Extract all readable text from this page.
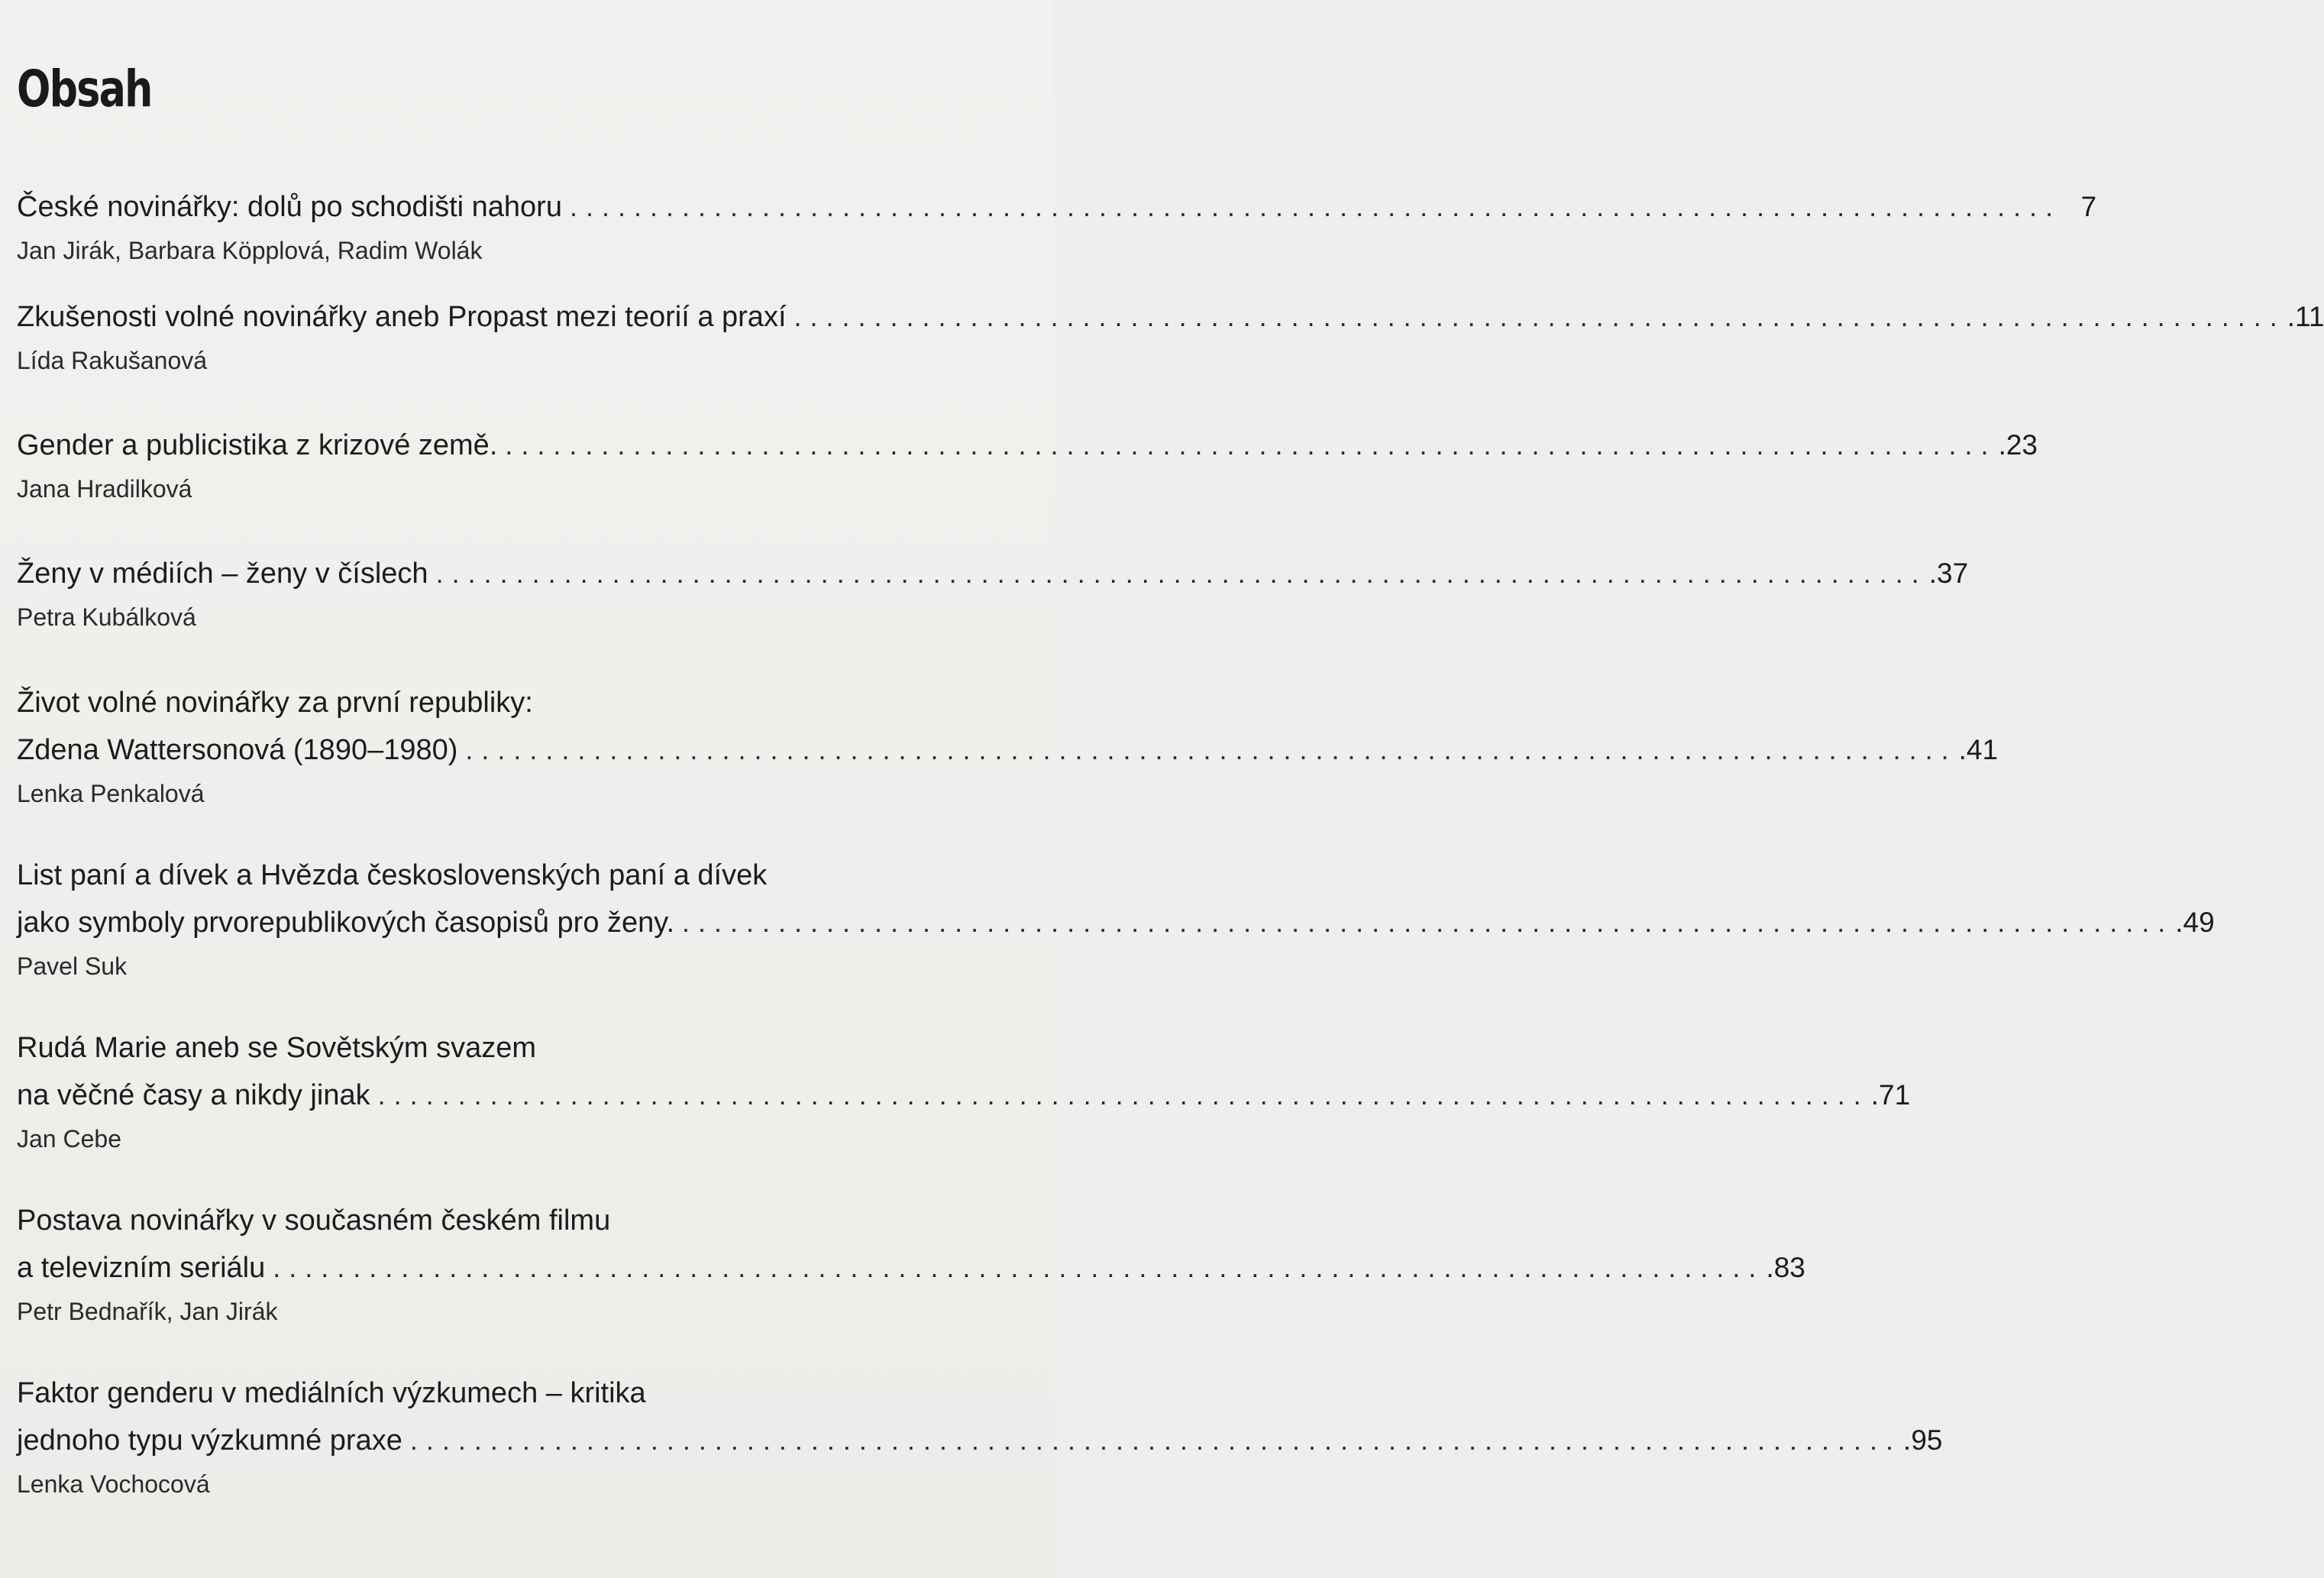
Obsah
České novinářky: dolů po schodišti nahoru ............................................................................................. 7
Jan Jirák, Barbara Köpplová, Radim Wolák
Zkušenosti volné novinářky aneb Propast mezi teorií a praxí ............................................................................................. .11
Lída Rakušanová
Gender a publicistika z krizové země. ............................................................................................. .23
Jana Hradilková
Ženy v médiích – ženy v číslech ............................................................................................. .37
Petra Kubálková
Život volné novinářky za první republiky:
Zdena Wattersonová (1890–1980) ............................................................................................. .41
Lenka Penkalová
List paní a dívek a Hvězda československých paní a dívek
jako symboly prvorepublikových časopisů pro ženy. ............................................................................................. .49
Pavel Suk
Rudá Marie aneb se Sovětským svazem
na věčné časy a nikdy jinak ............................................................................................. .71
Jan Cebe
Postava novinářky v současném českém filmu
a televizním seriálu ............................................................................................. .83
Petr Bednařík, Jan Jirák
Faktor genderu v mediálních výzkumech – kritika
jednoho typu výzkumné praxe ............................................................................................. .95
Lenka Vochocová
